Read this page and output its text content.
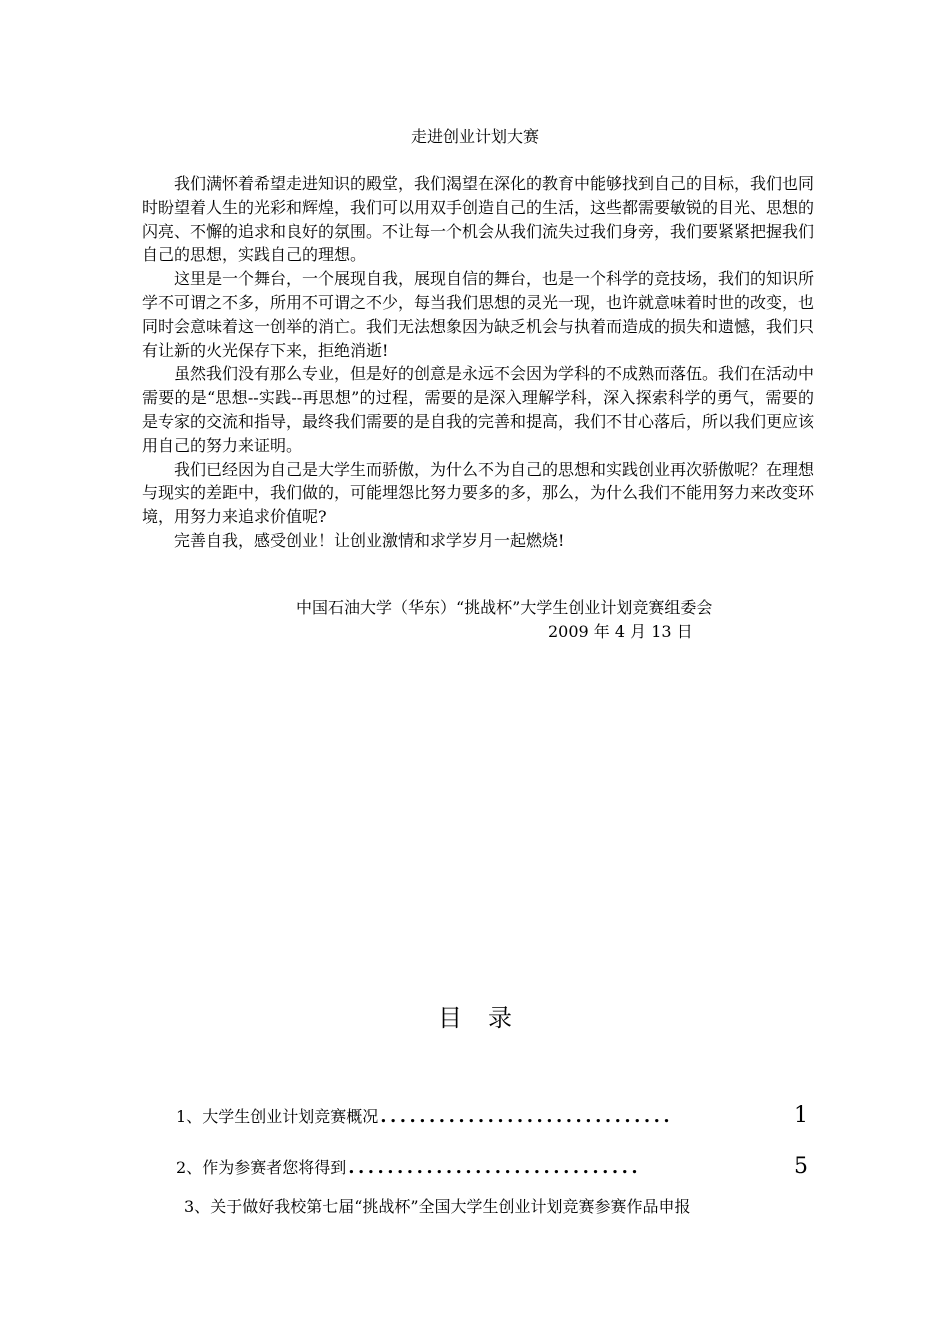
走进创业计划大赛

我们满怀着希望走进知识的殿堂，我们渴望在深化的教育中能够找到自己的目标，我们也同时盼望着人生的光彩和辉煌，我们可以用双手创造自己的生活，这些都需要敏锐的目光、思想的闪亮、不懈的追求和良好的氛围。不让每一个机会从我们流失过我们身旁，我们要紧紧把握我们自己的思想，实践自己的理想。

这里是一个舞台，一个展现自我，展现自信的舞台，也是一个科学的竞技场，我们的知识所学不可谓之不多，所用不可谓之不少，每当我们思想的灵光一现，也许就意味着时世的改变，也同时会意味着这一创举的消亡。我们无法想象因为缺乏机会与执着而造成的损失和遗憾，我们只有让新的火光保存下来，拒绝消逝!

虽然我们没有那么专业，但是好的创意是永远不会因为学科的不成熟而落伍。我们在活动中需要的是“思想--实践--再思想”的过程，需要的是深入理解学科，深入探索科学的勇气，需要的是专家的交流和指导，最终我们需要的是自我的完善和提高，我们不甘心落后，所以我们更应该用自己的努力来证明。

我们已经因为自己是大学生而骄傲，为什么不为自己的思想和实践创业再次骄傲呢？在理想与现实的差距中，我们做的，可能埋怨比努力要多的多，那么，为什么我们不能用努力来改变环境，用努力来追求价值呢?

完善自我，感受创业！让创业激情和求学岁月一起燃烧!

中国石油大学（华东）“挑战杯”大学生创业计划竞赛组委会
2009 年 4 月 13 日
目录
1、 大学生创业计划竞赛概况 ..............................	1
2、 作为参赛者您将得到 ..............................	5
3、 关于做好我校第七届“挑战杯”全国大学生创业计划竞赛参赛作品申报
